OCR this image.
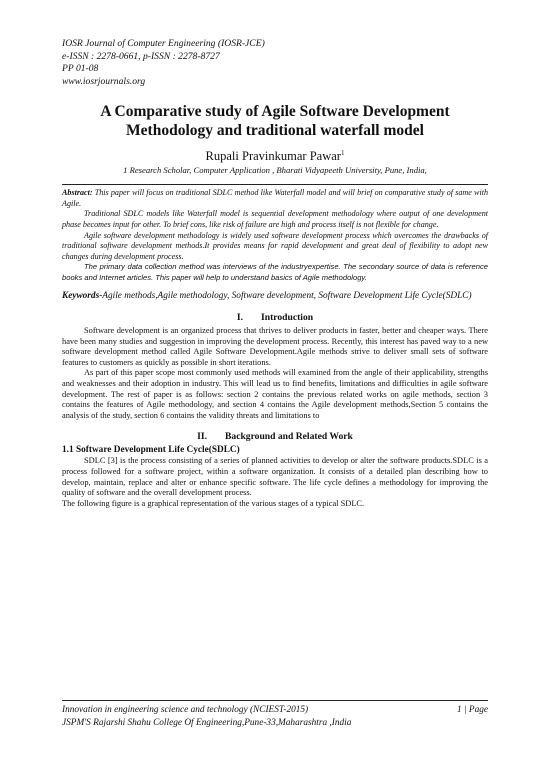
IOSR Journal of Computer Engineering (IOSR-JCE)
e-ISSN : 2278-0661, p-ISSN : 2278-8727
PP 01-08
www.iosrjournals.org
A Comparative study of Agile Software Development
Methodology and traditional waterfall model
Rupali Pravinkumar Pawar$^1$
1 Research Scholar, Computer Application , Bharati Vidyapeeth University, Pune, India,

Abstract: This paper will focus on traditional SDLC method like Waterfall model and will brief on comparative study of same with Agile.

Traditional SDLC models like Waterfall model is sequential development methodology where output of one development phase becomes input for other. To brief cons, like risk of failure are high and process itself is not flexible for change.

Agile software development methodology is widely used software development process which overcomes the drawbacks of traditional software development methods.It provides means for rapid development and great deal of flexibility to adopt new changes during development process.

The primary data collection method was interviews of the industryexpertise. The secondary source of data is reference books and Internet articles. This paper will help to understand basics of Agile methodology.

Keywords-Agile methods,Agile methodology, Software development, Software Development Life Cycle(SDLC)
I. Introduction

Software development is an organized process that thrives to deliver products in faster, better and cheaper ways. There have been many studies and suggestion in improving the development process. Recently, this interest has paved way to a new software development method called Agile Software Development.Agile methods strive to deliver small sets of software features to customers as quickly as possible in short iterations.

As part of this paper scope most commonly used methods will examined from the angle of their applicability, strengths and weaknesses and their adoption in industry. This will lead us to find benefits, limitations and difficulties in agile software development. The rest of paper is as follows: section 2 contains the previous related works on agile methods, section 3 contains the features of Agile methodology, and section 4 contains the Agile development methods,Section 5 contains the analysis of the study, section 6 contains the validity threats and limitations to

II. Background and Related Work
1.1 Software Development Life Cycle(SDLC)

SDLC [3] is the process consisting of a series of planned activities to develop or alter the software products.SDLC is a process followed for a software project, within a software organization. It consists of a detailed plan describing how to develop, maintain, replace and alter or enhance specific software. The life cycle defines a methodology for improving the quality of software and the overall development process.

The following figure is a graphical representation of the various stages of a typical SDLC.

Innovation in engineering science and technology (NCIEST-2015)	1 | Page
JSPM'S Rajarshi Shahu College Of Engineering,Pune-33,Maharashtra ,India
